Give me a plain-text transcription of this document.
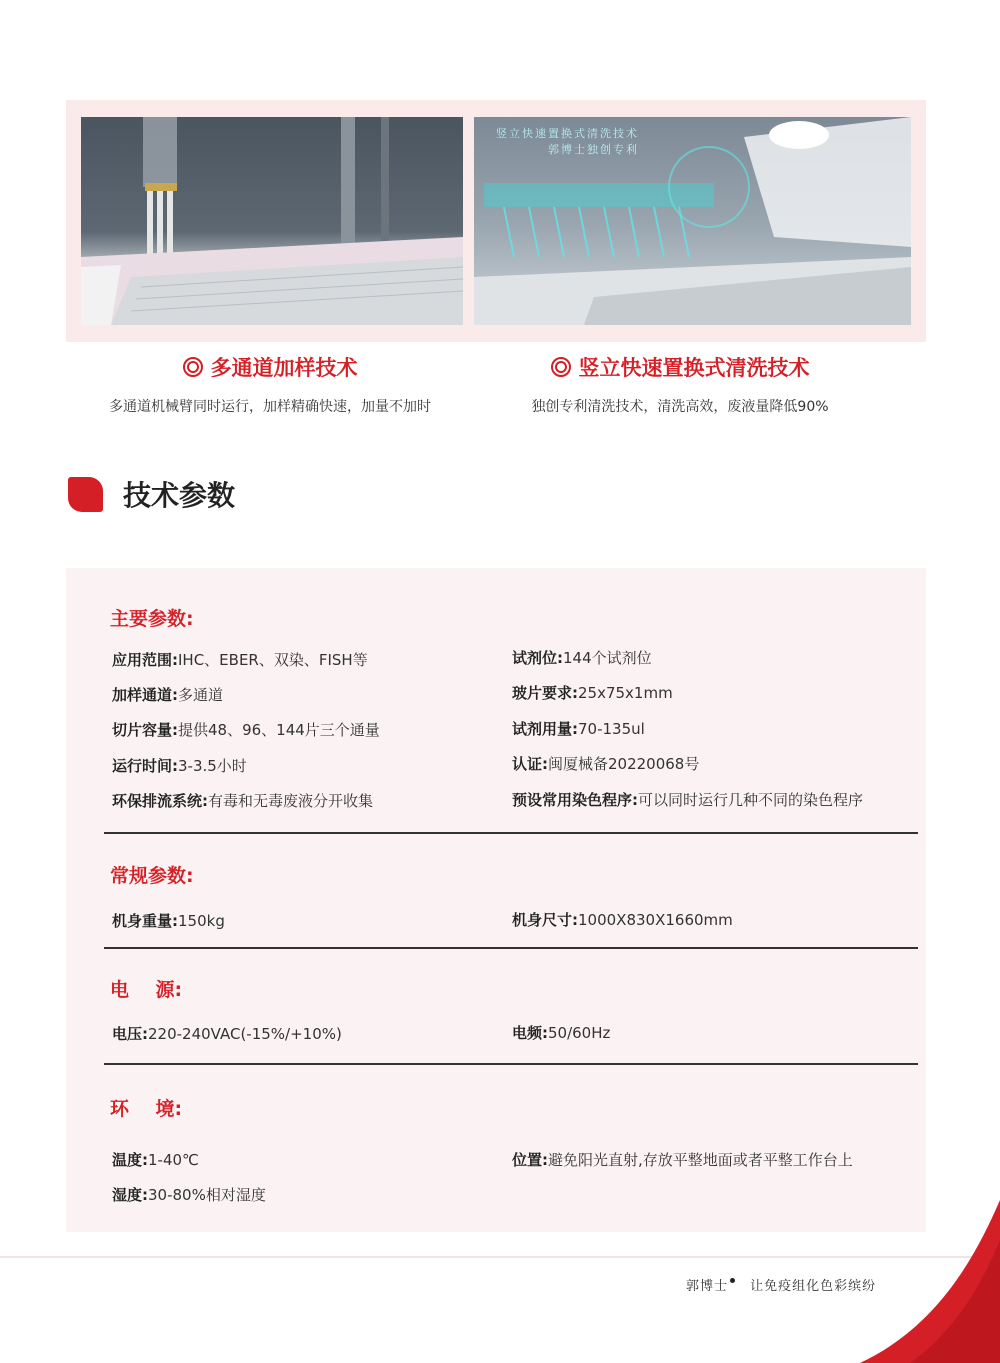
竖立快速置换式清洗技术
郭博士独创专利
多通道加样技术
多通道机械臂同时运行，加样精确快速，加量不加时
竖立快速置换式清洗技术
独创专利清洗技术，清洗高效，废液量降低90%
技术参数
主要参数:
应用范围:IHC、EBER、双染、FISH等
加样通道:多通道
切片容量:提供48、96、144片三个通量
运行时间:3-3.5小时
环保排流系统:有毒和无毒废液分开收集
试剂位:144个试剂位
玻片要求:25x75x1mm
试剂用量:70-135ul
认证:闽厦械备20220068号
预设常用染色程序:可以同时运行几种不同的染色程序
常规参数:
机身重量:150kg	机身尺寸:1000X830X1660mm
电    源:
电压:220-240VAC(-15%/+10%)	电频:50/60Hz
环    境:
温度:1-40℃
湿度:30-80%相对湿度
位置:避免阳光直射,存放平整地面或者平整工作台上
郭博士 让免疫组化色彩缤纷
